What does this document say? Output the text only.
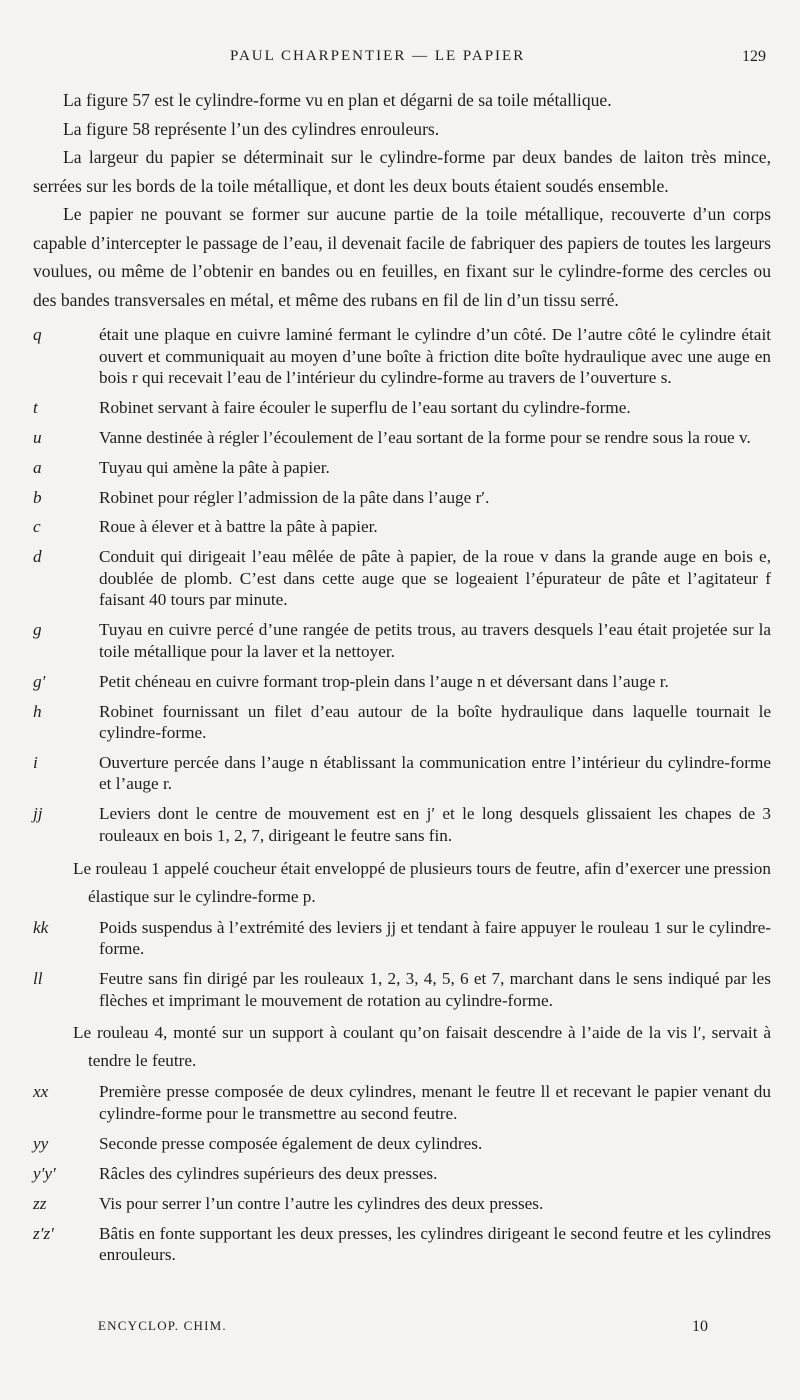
PAUL CHARPENTIER — LE PAPIER	129

La figure 57 est le cylindre-forme vu en plan et dégarni de sa toile métallique.

La figure 58 représente l’un des cylindres enrouleurs.

La largeur du papier se déterminait sur le cylindre-forme par deux bandes de laiton très mince, serrées sur les bords de la toile métallique, et dont les deux bouts étaient soudés ensemble.

Le papier ne pouvant se former sur aucune partie de la toile métallique, recouverte d’un corps capable d’intercepter le passage de l’eau, il devenait facile de fabriquer des papiers de toutes les largeurs voulues, ou même de l’obtenir en bandes ou en feuilles, en fixant sur le cylindre-forme des cercles ou des bandes transversales en métal, et même des rubans en fil de lin d’un tissu serré.

q	était une plaque en cuivre laminé fermant le cylindre d’un côté. De l’autre côté le cylindre était ouvert et communiquait au moyen d’une boîte à friction dite boîte hydraulique avec une auge en bois r qui recevait l’eau de l’intérieur du cylindre-forme au travers de l’ouverture s.
t	Robinet servant à faire écouler le superflu de l’eau sortant du cylindre-forme.
u	Vanne destinée à régler l’écoulement de l’eau sortant de la forme pour se rendre sous la roue v.
a	Tuyau qui amène la pâte à papier.
b	Robinet pour régler l’admission de la pâte dans l’auge r′.
c	Roue à élever et à battre la pâte à papier.
d	Conduit qui dirigeait l’eau mêlée de pâte à papier, de la roue v dans la grande auge en bois e, doublée de plomb. C’est dans cette auge que se logeaient l’épurateur de pâte et l’agitateur f faisant 40 tours par minute.
g	Tuyau en cuivre percé d’une rangée de petits trous, au travers desquels l’eau était projetée sur la toile métallique pour la laver et la nettoyer.
g′	Petit chéneau en cuivre formant trop-plein dans l’auge n et déversant dans l’auge r.
h	Robinet fournissant un filet d’eau autour de la boîte hydraulique dans laquelle tournait le cylindre-forme.
i	Ouverture percée dans l’auge n établissant la communication entre l’intérieur du cylindre-forme et l’auge r.
jj	Leviers dont le centre de mouvement est en j′ et le long desquels glissaient les chapes de 3 rouleaux en bois 1, 2, 7, dirigeant le feutre sans fin.

Le rouleau 1 appelé coucheur était enveloppé de plusieurs tours de feutre, afin d’exercer une pression élastique sur le cylindre-forme p.

kk	Poids suspendus à l’extrémité des leviers jj et tendant à faire appuyer le rouleau 1 sur le cylindre-forme.
ll	Feutre sans fin dirigé par les rouleaux 1, 2, 3, 4, 5, 6 et 7, marchant dans le sens indiqué par les flèches et imprimant le mouvement de rotation au cylindre-forme.

Le rouleau 4, monté sur un support à coulant qu’on faisait descendre à l’aide de la vis l′, servait à tendre le feutre.

xx	Première presse composée de deux cylindres, menant le feutre ll et recevant le papier venant du cylindre-forme pour le transmettre au second feutre.
yy	Seconde presse composée également de deux cylindres.
y′y′	Râcles des cylindres supérieurs des deux presses.
zz	Vis pour serrer l’un contre l’autre les cylindres des deux presses.
z′z′	Bâtis en fonte supportant les deux presses, les cylindres dirigeant le second feutre et les cylindres enrouleurs.
ENCYCLOP. CHIM.	10
